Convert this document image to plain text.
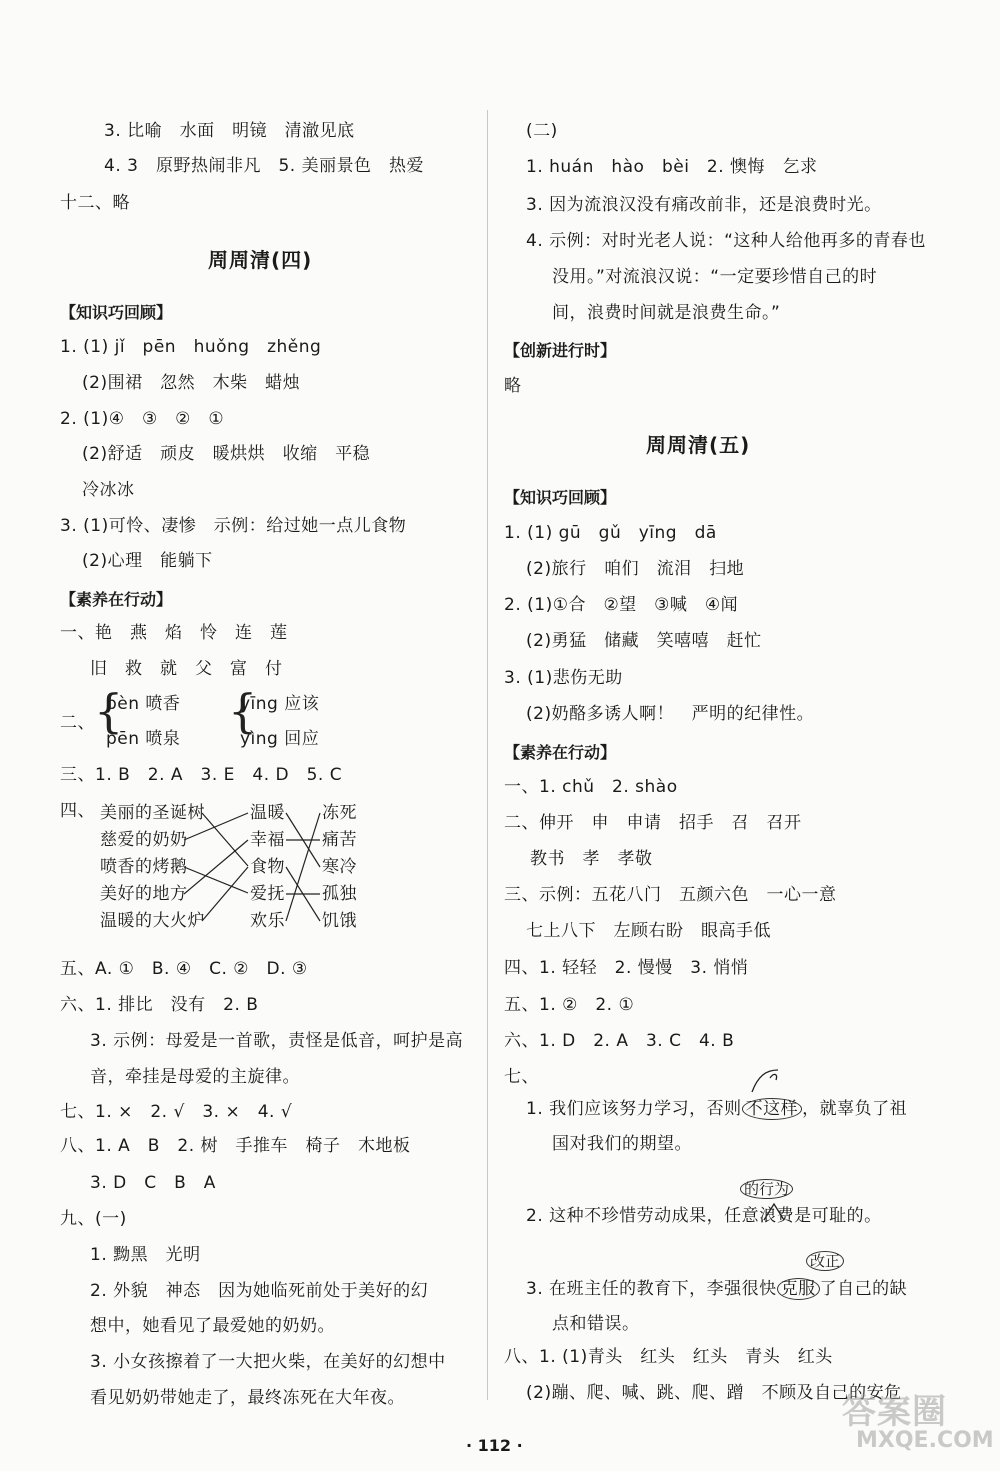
3. 比喻　水面　明镜　清澈见底
4. 3　原野热闹非凡　5. 美丽景色　热爱
十二、略
周周清(四)
【知识巧回顾】
1. (1) jǐ　pēn　huǒng　zhěng
(2)围裙　忽然　木柴　蜡烛
2. (1)④　③　②　①
(2)舒适　顽皮　暖烘烘　收缩　平稳
冷冰冰
3. (1)可怜、凄惨　示例：给过她一点儿食物
(2)心理　能躺下
【素养在行动】
一、艳　燕　焰　怜　连　莲
旧　救　就　父　富　付
二、 {
pèn 喷香
pēn 喷泉
{
yīng 应该
yìng 回应
三、1. B　2. A　3. E　4. D　5. C
四、 美丽的圣诞树
慈爱的奶奶
喷香的烤鹅
美好的地方
温暖的大火炉
温暖
幸福
食物
爱抚
欢乐
冻死
痛苦
寒冷
孤独
饥饿
五、A. ①　B. ④　C. ②　D. ③
六、1. 排比　没有　2. B
3. 示例：母爱是一首歌，责怪是低音，呵护是高
音，牵挂是母爱的主旋律。
七、1. ×　2. √　3. ×　4. √
八、1. A　B　2. 树　手推车　椅子　木地板
3. D　C　B　A
九、(一)
1. 黝黑　光明
2. 外貌　神态　因为她临死前处于美好的幻
想中，她看见了最爱她的奶奶。
3. 小女孩擦着了一大把火柴，在美好的幻想中
看见奶奶带她走了，最终冻死在大年夜。
(二)
1. huán　hào　bèi　2. 懊悔　乞求
3. 因为流浪汉没有痛改前非，还是浪费时光。
4. 示例：对时光老人说：“这种人给他再多的青春也
没用。”对流浪汉说：“一定要珍惜自己的时
间，浪费时间就是浪费生命。”
【创新进行时】
略
周周清(五)
【知识巧回顾】
1. (1) gū　gǔ　yīng　dā
(2)旅行　咱们　流泪　扫地
2. (1)①合　②望　③喊　④闻
(2)勇猛　储藏　笑嘻嘻　赶忙
3. (1)悲伤无助
(2)奶酪多诱人啊！　严明的纪律性。
【素养在行动】
一、1. chǔ　2. shào
二、伸开　申　申请　招手　召　召开
教书　孝　孝敬
三、示例：五花八门　五颜六色　一心一意
七上八下　左顾右盼　眼高手低
四、1. 轻轻　2. 慢慢　3. 悄悄
五、1. ②　2. ①
六、1. D　2. A　3. C　4. B
七、
1. 我们应该努力学习，否则 不这样 ，就辜负了祖
国对我们的期望。
的行为
2. 这种不珍惜劳动成果，任意浪费是可耻的。
改正
3. 在班主任的教育下，李强很快 克服 了自己的缺
点和错误。
八、1. (1)青头　红头　红头　青头　红头
(2)蹦、爬、喊、跳、爬、蹭　不顾及自己的安危
· 112 ·
答案圈
MXQE.COM
